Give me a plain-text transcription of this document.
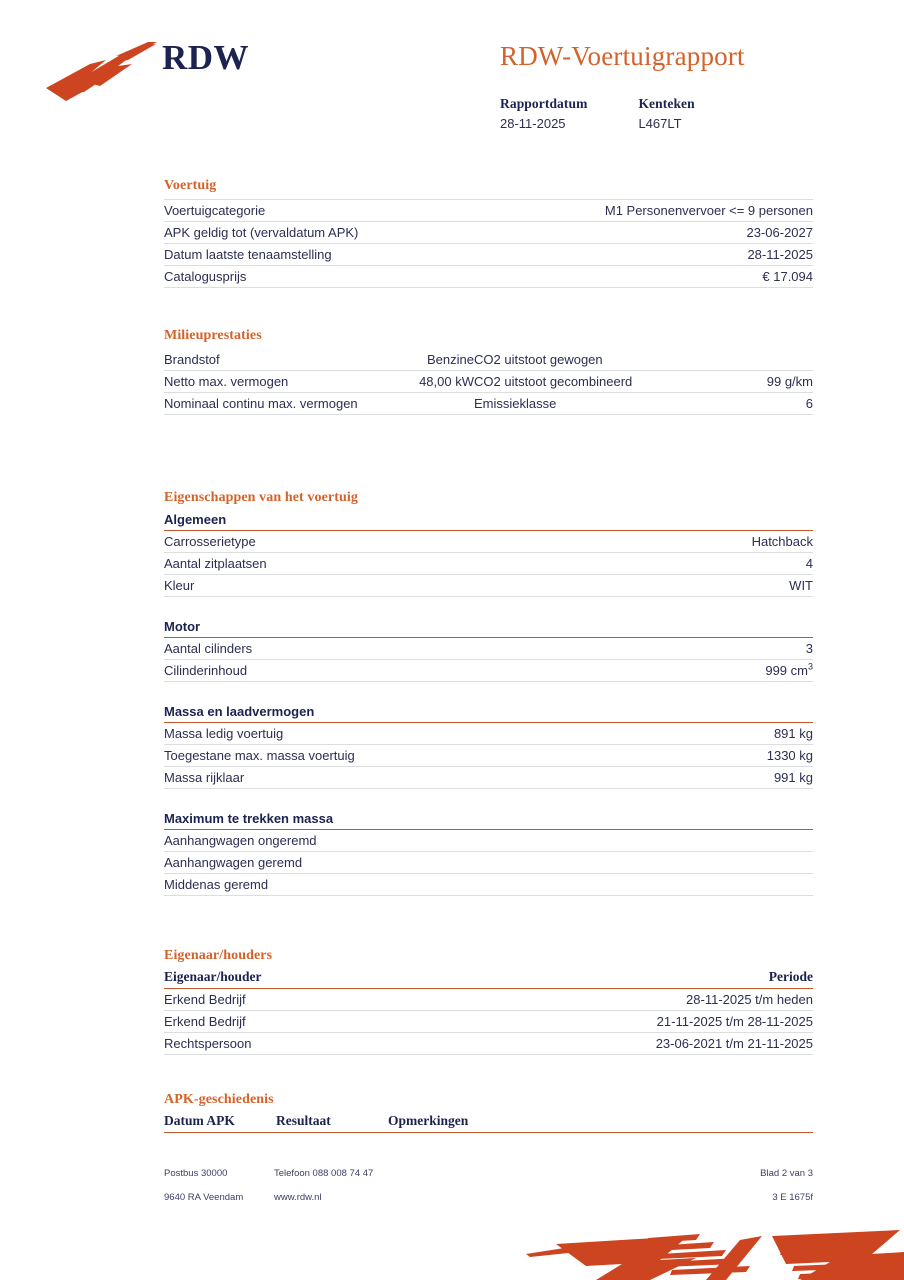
RDW	RDW-Voertuigrapport
Rapportdatum
28-11-2025

Kenteken
L467LT
Voertuig
Voertuigcategorie	M1 Personenvervoer <= 9 personen
APK geldig tot (vervaldatum APK)	23-06-2027
Datum laatste tenaamstelling	28-11-2025
Catalogusprijs	€ 17.094
Milieuprestaties
Brandstof	Benzine	CO2 uitstoot gewogen	
Netto max. vermogen	48,00 kW	CO2 uitstoot gecombineerd	99 g/km
Nominaal continu max. vermogen		Emissieklasse	6
Eigenschappen van het voertuig
Algemeen
Carrosserietype	Hatchback
Aantal zitplaatsen	4
Kleur	WIT
Motor
Aantal cilinders	3
Cilinderinhoud	999 $cm^3$
Massa en laadvermogen
Massa ledig voertuig	891 kg
Toegestane max. massa voertuig	1330 kg
Massa rijklaar	991 kg
Maximum te trekken massa
Aanhangwagen ongeremd	
Aanhangwagen geremd	
Middenas geremd	
Eigenaar/houders
Eigenaar/houder	Periode
Erkend Bedrijf	28-11-2025 t/m heden
Erkend Bedrijf	21-11-2025 t/m 28-11-2025
Rechtspersoon	23-06-2021 t/m 21-11-2025
APK-geschiedenis
Datum APK	Resultaat	Opmerkingen
Postbus 30000	Telefoon 088 008 74 47	Blad 2 van 3
9640 RA Veendam	www.rdw.nl	3 E 1675f
